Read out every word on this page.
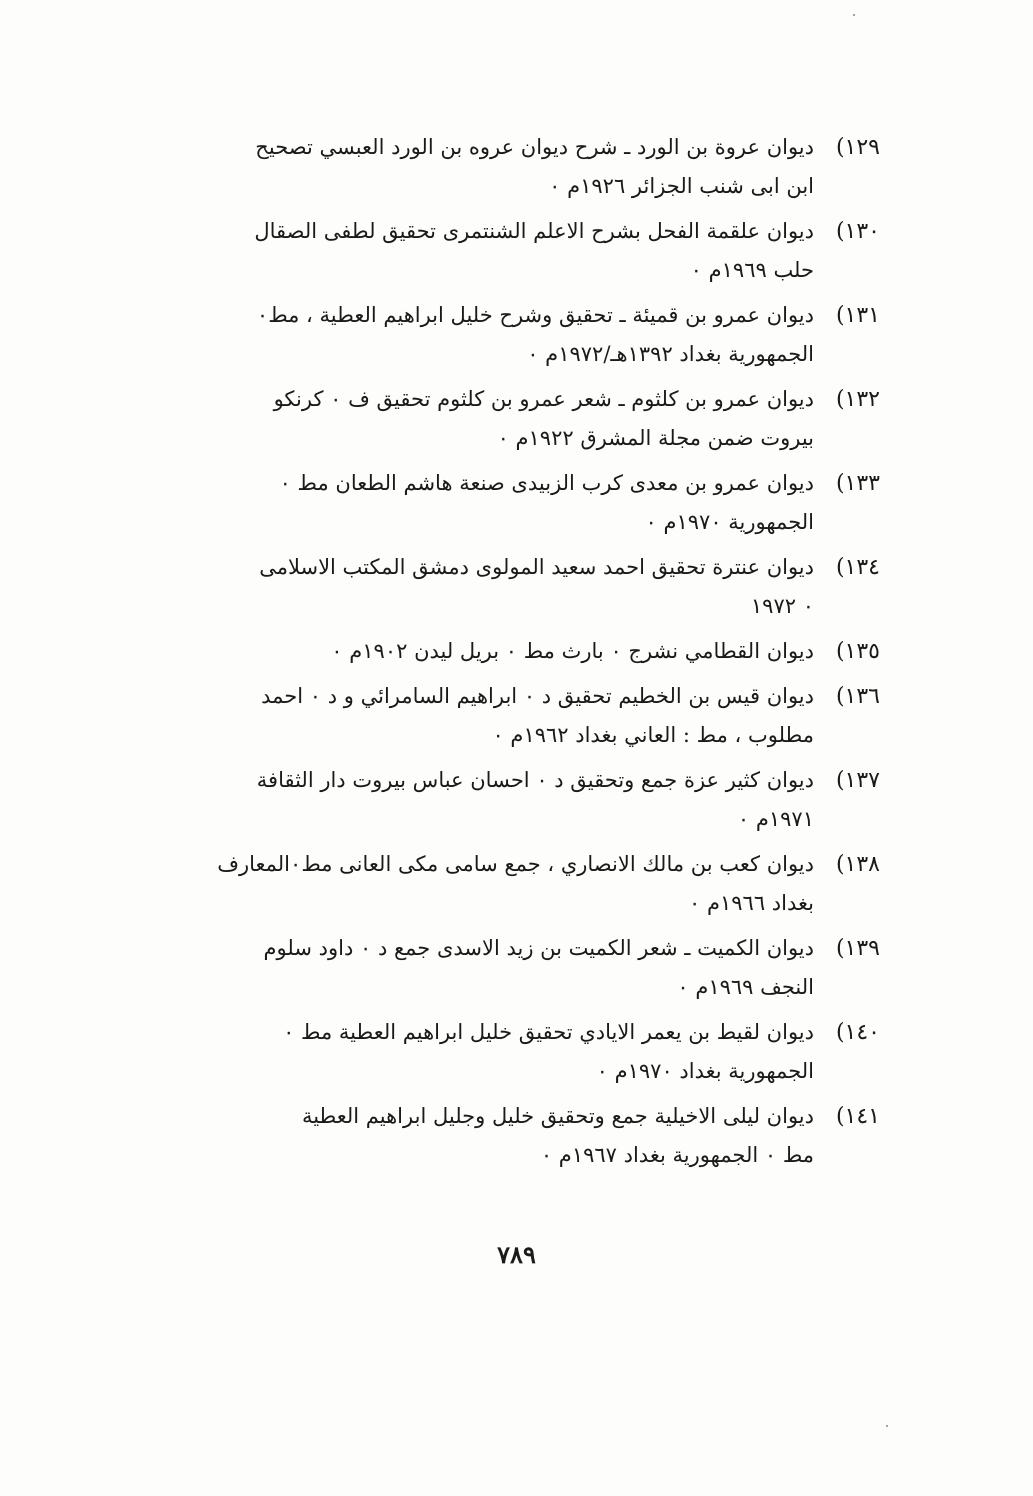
١٢٩)
ديوان عروة بن الورد ـ شرح ديوان عروه بن الورد العبسي تصحيح
ابن ابى شنب الجزائر ١٩٢٦م ٠
١٣٠)
ديوان علقمة الفحل بشرح الاعلم الشنتمرى تحقيق لطفى الصقال
حلب ١٩٦٩م ٠
١٣١)
ديوان عمرو بن قميئة ـ تحقيق وشرح خليل ابراهيم العطية ، مط٠
الجمهورية بغداد ١٣٩٢هـ/١٩٧٢م ٠
١٣٢)
ديوان عمرو بن كلثوم ـ شعر عمرو بن كلثوم تحقيق ف ٠ كرنكو
بيروت ضمن مجلة المشرق ١٩٢٢م ٠
١٣٣)
ديوان عمرو بن معدى كرب الزبيدى صنعة هاشم الطعان مط ٠
الجمهورية ١٩٧٠م ٠
١٣٤)
ديوان عنترة تحقيق احمد سعيد المولوى دمشق المكتب الاسلامى
٠ ١٩٧٢
١٣٥)
ديوان القطامي نشرج ٠ بارث مط ٠ بريل ليدن ١٩٠٢م ٠
١٣٦)
ديوان قيس بن الخطيم تحقيق د ٠ ابراهيم السامرائي و د ٠ احمد
مطلوب ، مط : العاني بغداد ١٩٦٢م ٠
١٣٧)
ديوان كثير عزة جمع وتحقيق د ٠ احسان عباس بيروت دار الثقافة
١٩٧١م ٠
١٣٨)
ديوان كعب بن مالك الانصاري ، جمع سامى مكى العانى مط٠المعارف
بغداد ١٩٦٦م ٠
١٣٩)
ديوان الكميت ـ شعر الكميت بن زيد الاسدى جمع د ٠ داود سلوم
النجف ١٩٦٩م ٠
١٤٠)
ديوان لقيط بن يعمر الايادي تحقيق خليل ابراهيم العطية مط ٠
الجمهورية بغداد ١٩٧٠م ٠
١٤١)
ديوان ليلى الاخيلية جمع وتحقيق خليل وجليل ابراهيم العطية
مط ٠ الجمهورية بغداد ١٩٦٧م ٠
٧٨٩
